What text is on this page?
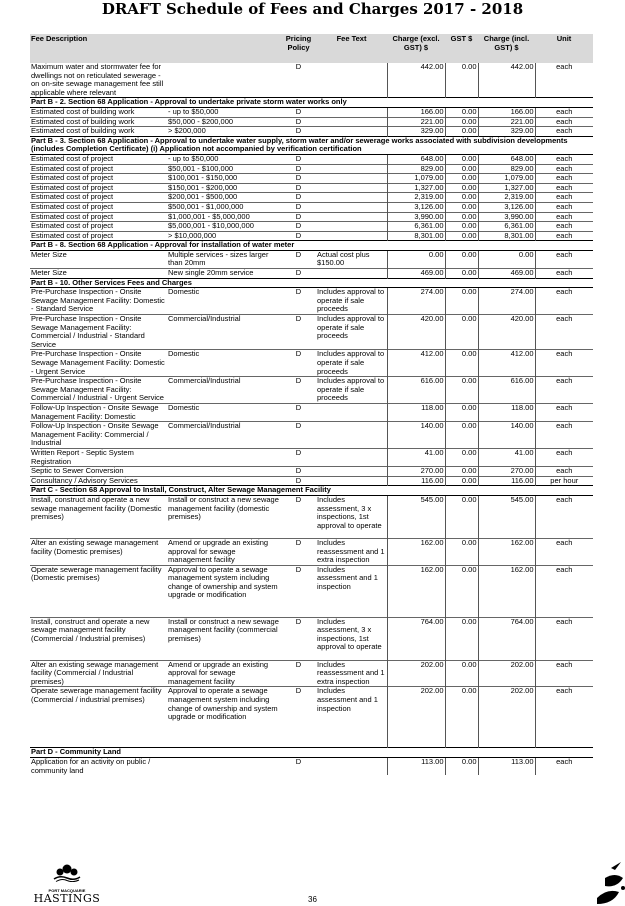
DRAFT Schedule of Fees and Charges 2017 - 2018
Fee Description		Pricing Policy	Fee Text	Charge (excl. GST) $	GST $	Charge (incl. GST) $	Unit
Maximum water and stormwater fee for dwellings not on reticulated sewerage - on on-site sewage management fee still applicable where relevant		D		442.00	0.00	442.00	each
Part B - 2. Section 68 Application - Approval to undertake private storm water works only							
Estimated cost of building work	- up to $50,000	D		166.00	0.00	166.00	each
Estimated cost of building work	$50,000 - $200,000	D		221.00	0.00	221.00	each
Estimated cost of building work	> $200,000	D		329.00	0.00	329.00	each
Part B - 3. Section 68 Application - Approval to undertake water supply, storm water and/or sewerage works associated with subdivision developments (includes Completion Certificate) (i) Application not accompanied by verification certification							
Estimated cost of project	- up to $50,000	D		648.00	0.00	648.00	each
Estimated cost of project	$50,001 - $100,000	D		829.00	0.00	829.00	each
Estimated cost of project	$100,001 - $150,000	D		1,079.00	0.00	1,079.00	each
Estimated cost of project	$150,001 - $200,000	D		1,327.00	0.00	1,327.00	each
Estimated cost of project	$200,001 - $500,000	D		2,319.00	0.00	2,319.00	each
Estimated cost of project	$500,001 - $1,000,000	D		3,126.00	0.00	3,126.00	each
Estimated cost of project	$1,000,001 - $5,000,000	D		3,990.00	0.00	3,990.00	each
Estimated cost of project	$5,000,001 - $10,000,000	D		6,361.00	0.00	6,361.00	each
Estimated cost of project	> $10,000,000	D		8,301.00	0.00	8,301.00	each
Part B - 8. Section 68 Application - Approval for installation of water meter							
Meter Size	Multiple services - sizes larger than 20mm	D	Actual cost plus $150.00	0.00	0.00	0.00	each
Meter Size	New single 20mm service	D		469.00	0.00	469.00	each
Part B - 10. Other Services Fees and Charges							
Pre-Purchase Inspection - Onsite Sewage Management Facility: Domestic - Standard Service	Domestic	D	Includes approval to operate if sale proceeds	274.00	0.00	274.00	each
Pre-Purchase Inspection - Onsite Sewage Management Facility: Commercial / Industrial - Standard Service	Commercial/Industrial	D	Includes approval to operate if sale proceeds	420.00	0.00	420.00	each
Pre-Purchase Inspection - Onsite Sewage Management Facility: Domestic - Urgent Service	Domestic	D	Includes approval to operate if sale proceeds	412.00	0.00	412.00	each
Pre-Purchase Inspection - Onsite Sewage Management Facility: Commercial / Industrial - Urgent Service	Commercial/Industrial	D	Includes approval to operate if sale proceeds	616.00	0.00	616.00	each
Follow-Up Inspection - Onsite Sewage Management Facility: Domestic	Domestic	D		118.00	0.00	118.00	each
Follow-Up Inspection - Onsite Sewage Management Facility: Commercial / Industrial	Commercial/Industrial	D		140.00	0.00	140.00	each
Written Report - Septic System Registration		D		41.00	0.00	41.00	each
Septic to Sewer Conversion		D		270.00	0.00	270.00	each
Consultancy / Advisory Services		D		116.00	0.00	116.00	per hour
Part C - Section 68 Approval to Install, Construct, Alter Sewage Management Facility							
Install, construct and operate a new sewage management facility (Domestic premises)	Install or construct a new sewage management facility (domestic premises)	D	Includes assessment, 3 x inspections, 1st approval to operate	545.00	0.00	545.00	each
Alter an existing sewage management facility (Domestic premises)	Amend or upgrade an existing approval for sewage management facility	D	Includes reassessment and 1 extra inspection	162.00	0.00	162.00	each
Operate sewerage management facility (Domestic premises)	Approval to operate a sewage management system including change of ownership and system upgrade or modification	D	Includes assessment and 1 inspection	162.00	0.00	162.00	each
Install, construct and operate a new sewage management facility (Commercial / Industrial premises)	Install or construct a new sewage management facility (commercial premises)	D	Includes assessment, 3 x inspections, 1st approval to operate	764.00	0.00	764.00	each
Alter an existing sewage management facility (Commercial / Industrial premises)	Amend or upgrade an existing approval for sewage management facility	D	Includes reassessment and 1 extra inspection	202.00	0.00	202.00	each
Operate sewerage management facility (Commercial / industrial premises)	Approval to operate a sewage management system including change of ownership and system upgrade or modification	D	Includes assessment and 1 inspection	202.00	0.00	202.00	each
Part D - Community Land							
Application for an activity on public / community land		D		113.00	0.00	113.00	each
PORT MACQUARIE
HASTINGS	36
